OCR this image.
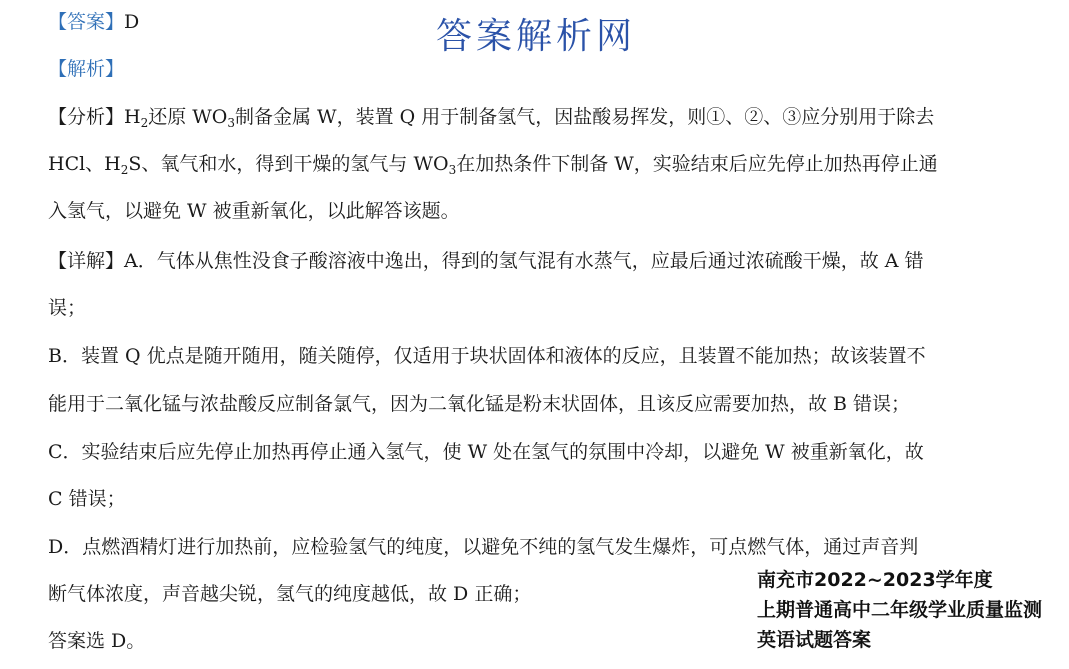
【答案】D	答案解析网
【解析】
【分析】$H_2$还原 $WO_3$制备金属 W，装置 Q 用于制备氢气，因盐酸易挥发，则①、②、③应分别用于除去
HCl、$H_2S$、氧气和水，得到干燥的氢气与 $WO_3$在加热条件下制备 W，实验结束后应先停止加热再停止通
入氢气，以避免 W 被重新氧化，以此解答该题。
【详解】A．气体从焦性没食子酸溶液中逸出，得到的氢气混有水蒸气，应最后通过浓硫酸干燥，故 A 错
误；
B．装置 Q 优点是随开随用，随关随停，仅适用于块状固体和液体的反应，且装置不能加热；故该装置不
能用于二氧化锰与浓盐酸反应制备氯气，因为二氧化锰是粉末状固体，且该反应需要加热，故 B 错误；
C．实验结束后应先停止加热再停止通入氢气，使 W 处在氢气的氛围中冷却，以避免 W 被重新氧化，故
C 错误；
D．点燃酒精灯进行加热前，应检验氢气的纯度，以避免不纯的氢气发生爆炸，可点燃气体，通过声音判
断气体浓度，声音越尖锐，氢气的纯度越低，故 D 正确；
答案选 D。
南充市2022~2023学年度
上期普通高中二年级学业质量监测
英语试题答案
